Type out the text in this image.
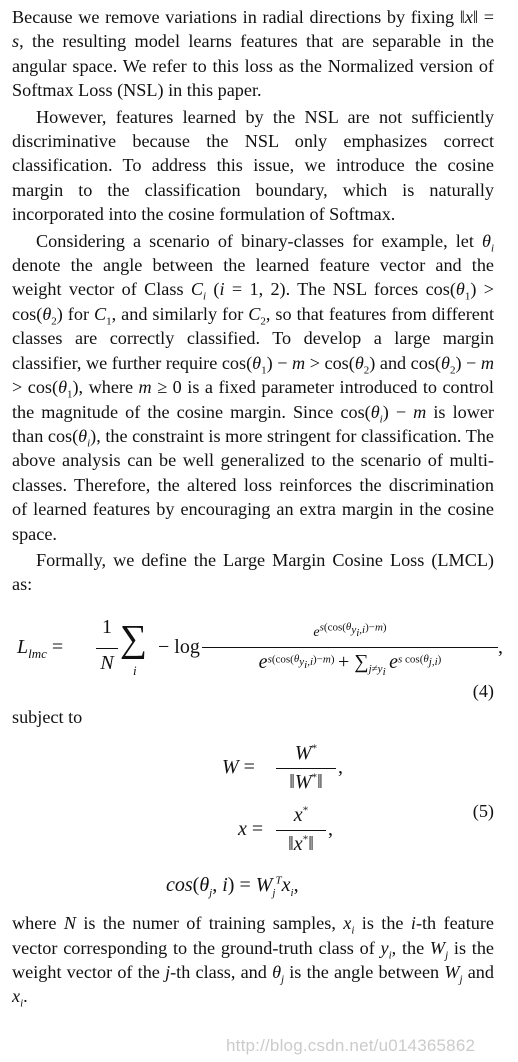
Because we remove variations in radial directions by fixing ‖x‖ = s, the resulting model learns features that are separable in the angular space. We refer to this loss as the Normalized version of Softmax Loss (NSL) in this paper.

However, features learned by the NSL are not sufficiently discriminative because the NSL only emphasizes correct classification. To address this issue, we introduce the cosine margin to the classification boundary, which is naturally incorporated into the cosine formulation of Softmax.

Considering a scenario of binary-classes for example, let $\theta_i$ denote the angle between the learned feature vector and the weight vector of Class $C_i$ (i = 1, 2). The NSL forces $\cos(\theta_1) > \cos(\theta_2)$ for $C_1$, and similarly for $C_2$, so that features from different classes are correctly classified. To develop a large margin classifier, we further require $\cos(\theta_1) - m > \cos(\theta_2)$ and $\cos(\theta_2) - m > \cos(\theta_1)$, where m ≥ 0 is a fixed parameter introduced to control the magnitude of the cosine margin. Since $\cos(\theta_i) - m$ is lower than $\cos(\theta_i)$, the constraint is more stringent for classification. The above analysis can be well generalized to the scenario of multi-classes. Therefore, the altered loss reinforces the discrimination of learned features by encouraging an extra margin in the cosine space.

Formally, we define the Large Margin Cosine Loss (LMCL) as:

$L_{lmc}$ =
1
N
∑
i
− log
$e^{s(cos(\theta_{y_i,i})-m)}$
$e^{s(cos(\theta_{y_i,i})-m)} + \sum_{j\ne y_i}$ $e^{s cos(\theta_{j,i})}$
,
(4)

subject to

W =
W*
‖W*‖
,
x =
x*
‖x*‖
,
$\cos(\theta_j$, $i) = W_j^Tx_i$,
(5)

where N is the numer of training samples, $x_i$ is the i-th feature vector corresponding to the ground-truth class of $y_i$, the $W_j$ is the weight vector of the j-th class, and $\theta_j$ is the angle between $W_j$ and $x_i$.

http://blog.csdn.net/u014365862
